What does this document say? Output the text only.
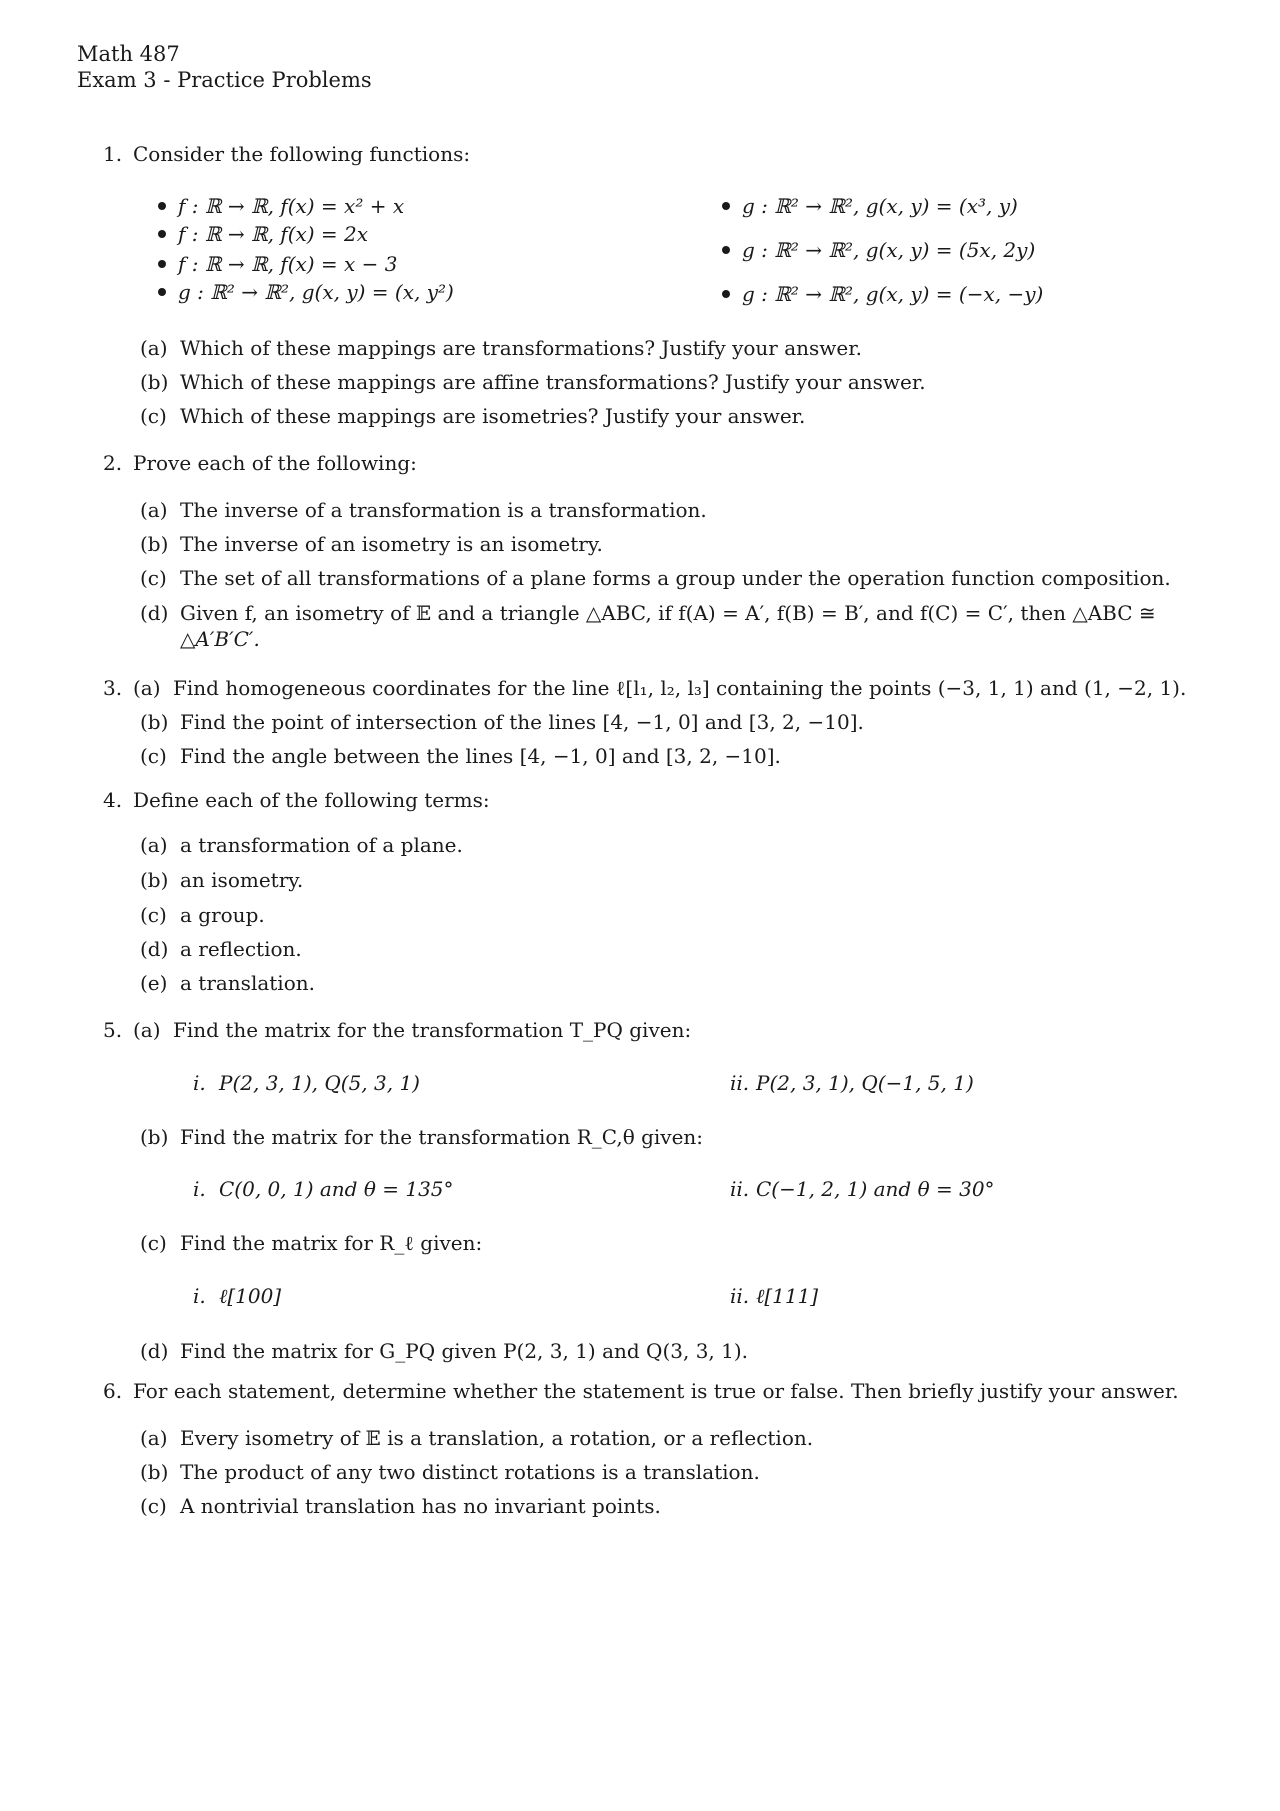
Math 487
Exam 3 - Practice Problems
1. Consider the following functions:
f : ℝ → ℝ, f(x) = x² + x
f : ℝ → ℝ, f(x) = 2x
f : ℝ → ℝ, f(x) = x − 3
g : ℝ² → ℝ², g(x, y) = (x, y²)
g : ℝ² → ℝ², g(x, y) = (x³, y)
g : ℝ² → ℝ², g(x, y) = (5x, 2y)
g : ℝ² → ℝ², g(x, y) = (−x, −y)
(a) Which of these mappings are transformations? Justify your answer.
(b) Which of these mappings are affine transformations? Justify your answer.
(c) Which of these mappings are isometries? Justify your answer.
2. Prove each of the following:
(a) The inverse of a transformation is a transformation.
(b) The inverse of an isometry is an isometry.
(c) The set of all transformations of a plane forms a group under the operation function composition.
(d) Given f, an isometry of 𝔼 and a triangle △ABC, if f(A) = A′, f(B) = B′, and f(C) = C′, then △ABC ≅
△A′B′C′.
3. (a) Find homogeneous coordinates for the line ℓ[l₁, l₂, l₃] containing the points (−3, 1, 1) and (1, −2, 1).
(b) Find the point of intersection of the lines [4, −1, 0] and [3, 2, −10].
(c) Find the angle between the lines [4, −1, 0] and [3, 2, −10].
4. Define each of the following terms:
(a) a transformation of a plane.
(b) an isometry.
(c) a group.
(d) a reflection.
(e) a translation.
5. (a) Find the matrix for the transformation T_PQ given:
i. P(2, 3, 1), Q(5, 3, 1)	ii. P(2, 3, 1), Q(−1, 5, 1)
(b) Find the matrix for the transformation R_C,θ given:
i. C(0, 0, 1) and θ = 135°	ii. C(−1, 2, 1) and θ = 30°
(c) Find the matrix for R_ℓ given:
i. ℓ[100]	ii. ℓ[111]
(d) Find the matrix for G_PQ given P(2, 3, 1) and Q(3, 3, 1).
6. For each statement, determine whether the statement is true or false. Then briefly justify your answer.
(a) Every isometry of 𝔼 is a translation, a rotation, or a reflection.
(b) The product of any two distinct rotations is a translation.
(c) A nontrivial translation has no invariant points.
